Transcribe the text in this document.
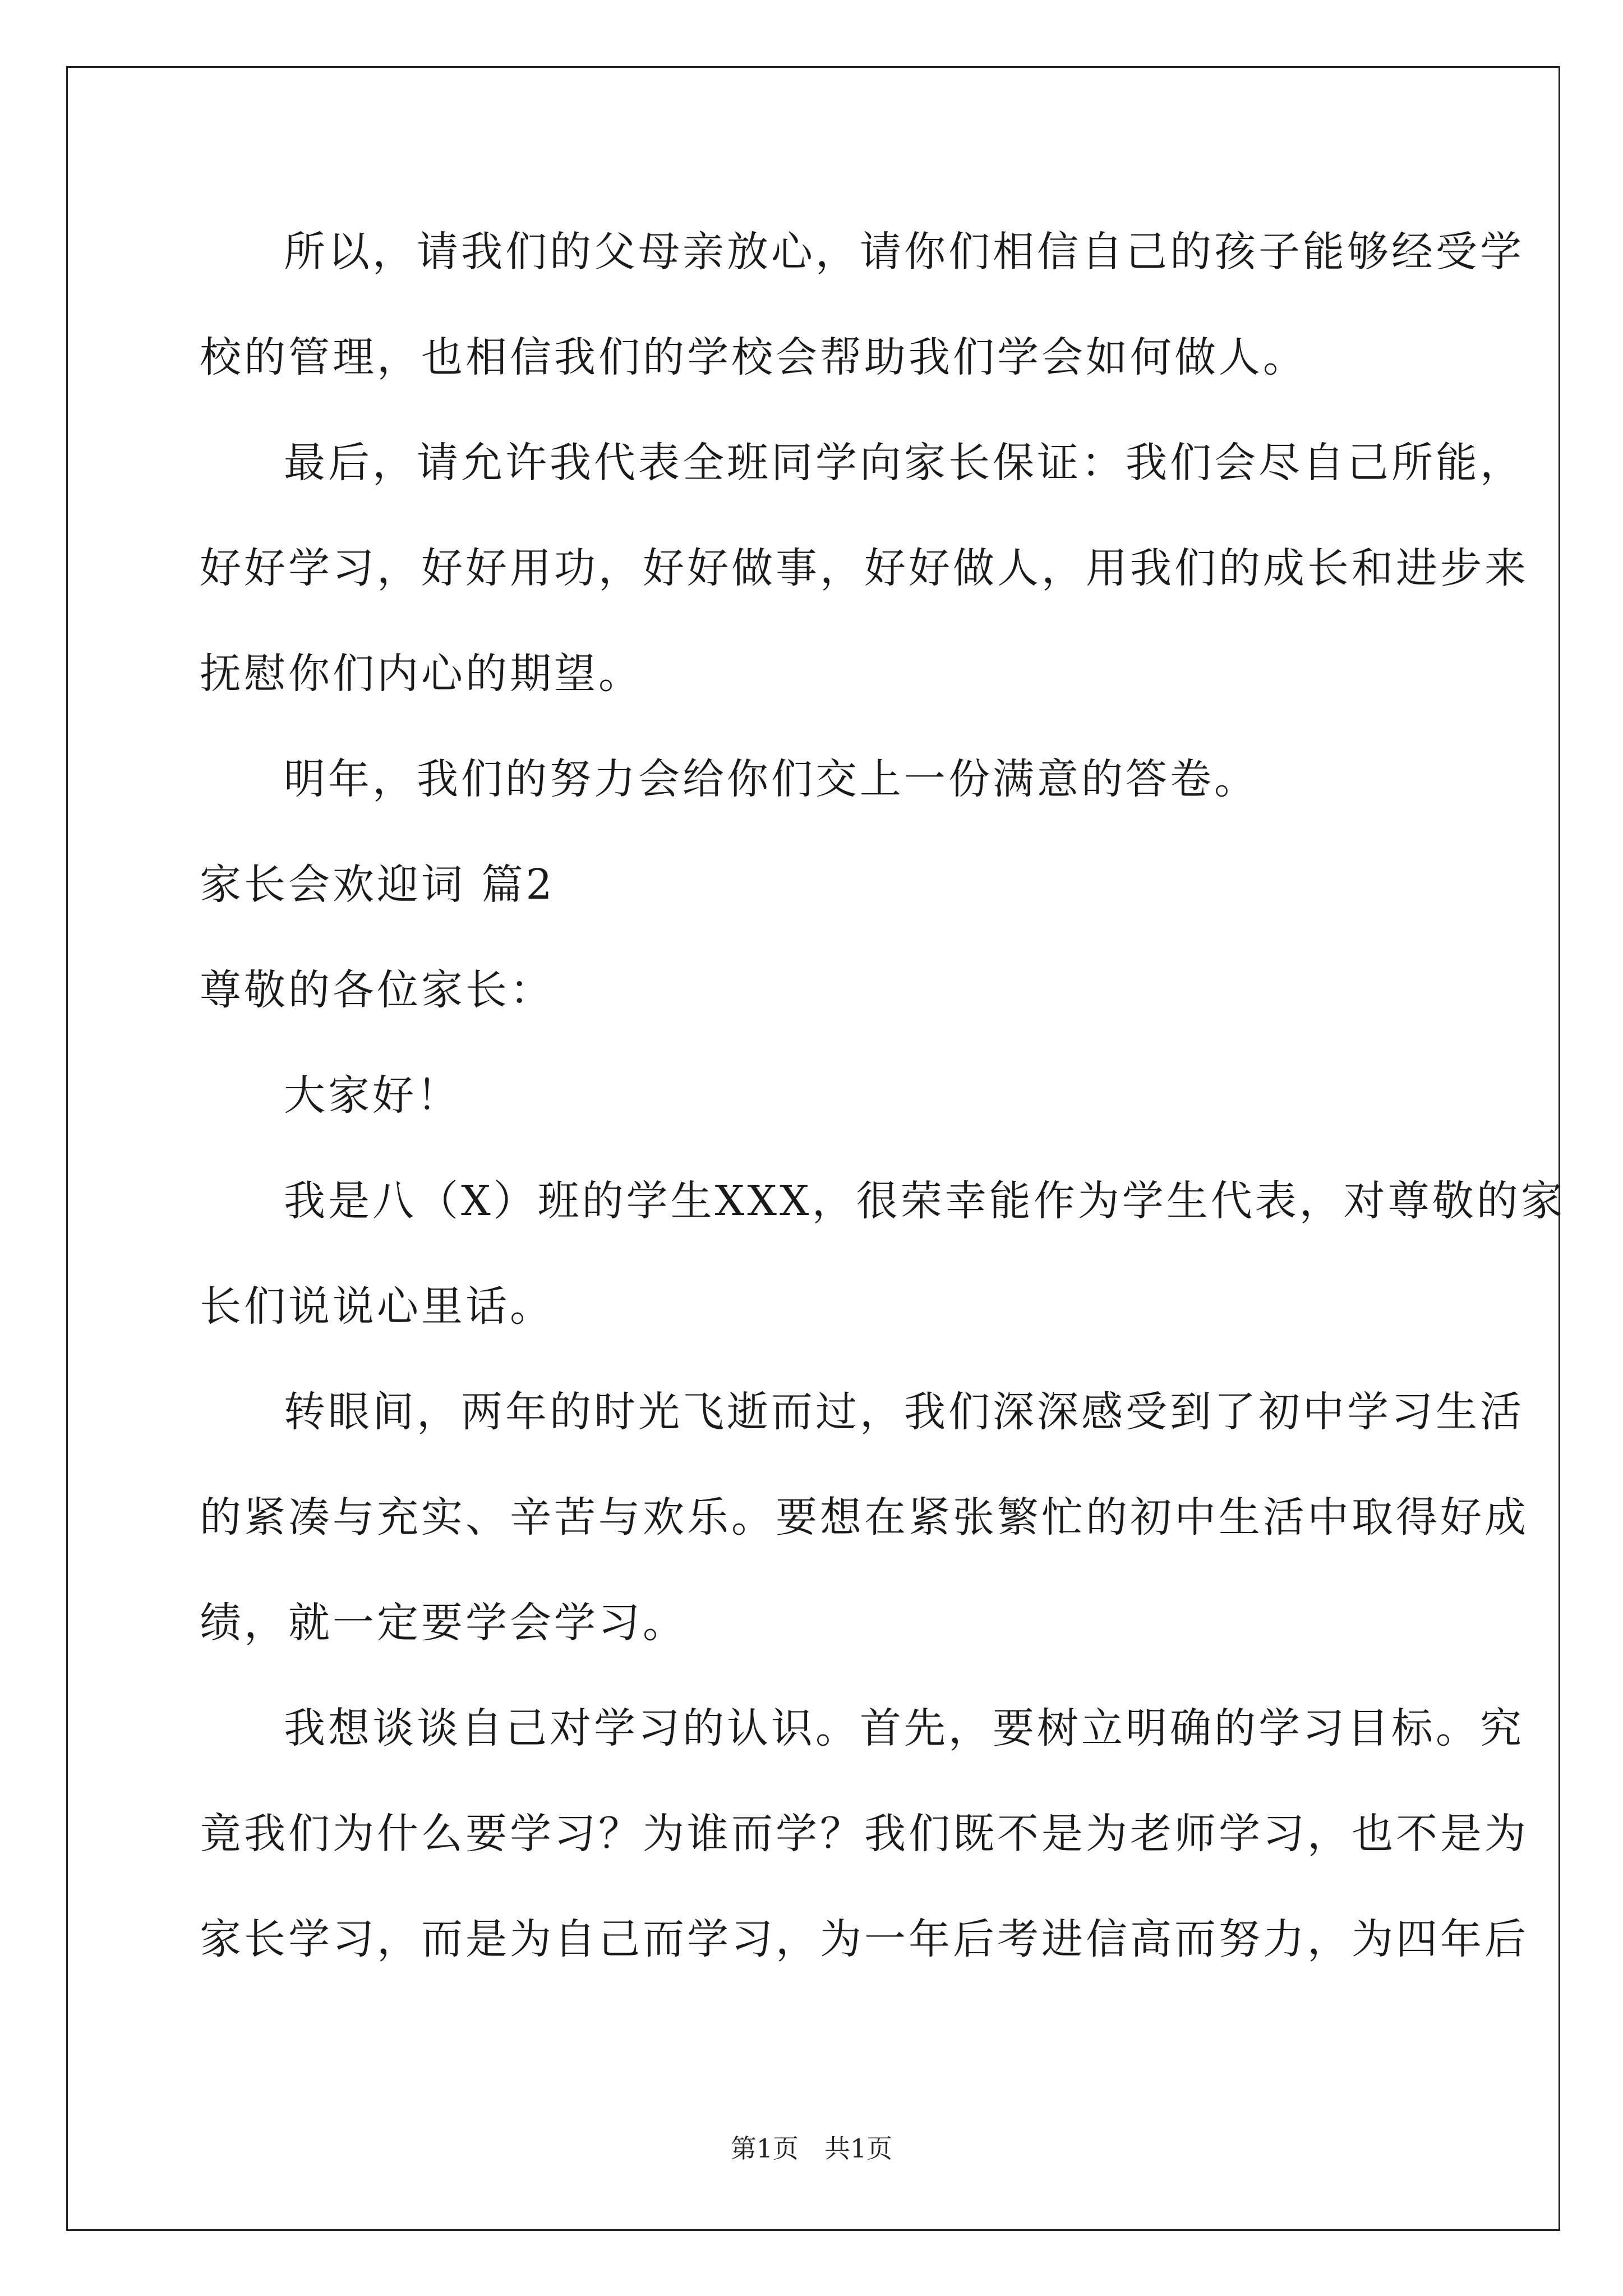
所以，请我们的父母亲放心，请你们相信自己的孩子能够经受学

校的管理，也相信我们的学校会帮助我们学会如何做人。

最后，请允许我代表全班同学向家长保证：我们会尽自己所能，

好好学习，好好用功，好好做事，好好做人，用我们的成长和进步来

抚慰你们内心的期望。

明年，我们的努力会给你们交上一份满意的答卷。

家长会欢迎词 篇2

尊敬的各位家长：

大家好！

我是八（X）班的学生XXX，很荣幸能作为学生代表，对尊敬的家

长们说说心里话。

转眼间，两年的时光飞逝而过，我们深深感受到了初中学习生活

的紧凑与充实、辛苦与欢乐。要想在紧张繁忙的初中生活中取得好成

绩，就一定要学会学习。

我想谈谈自己对学习的认识。首先，要树立明确的学习目标。究

竟我们为什么要学习？为谁而学？我们既不是为老师学习，也不是为

家长学习，而是为自己而学习，为一年后考进信高而努力，为四年后

第1页　共1页
